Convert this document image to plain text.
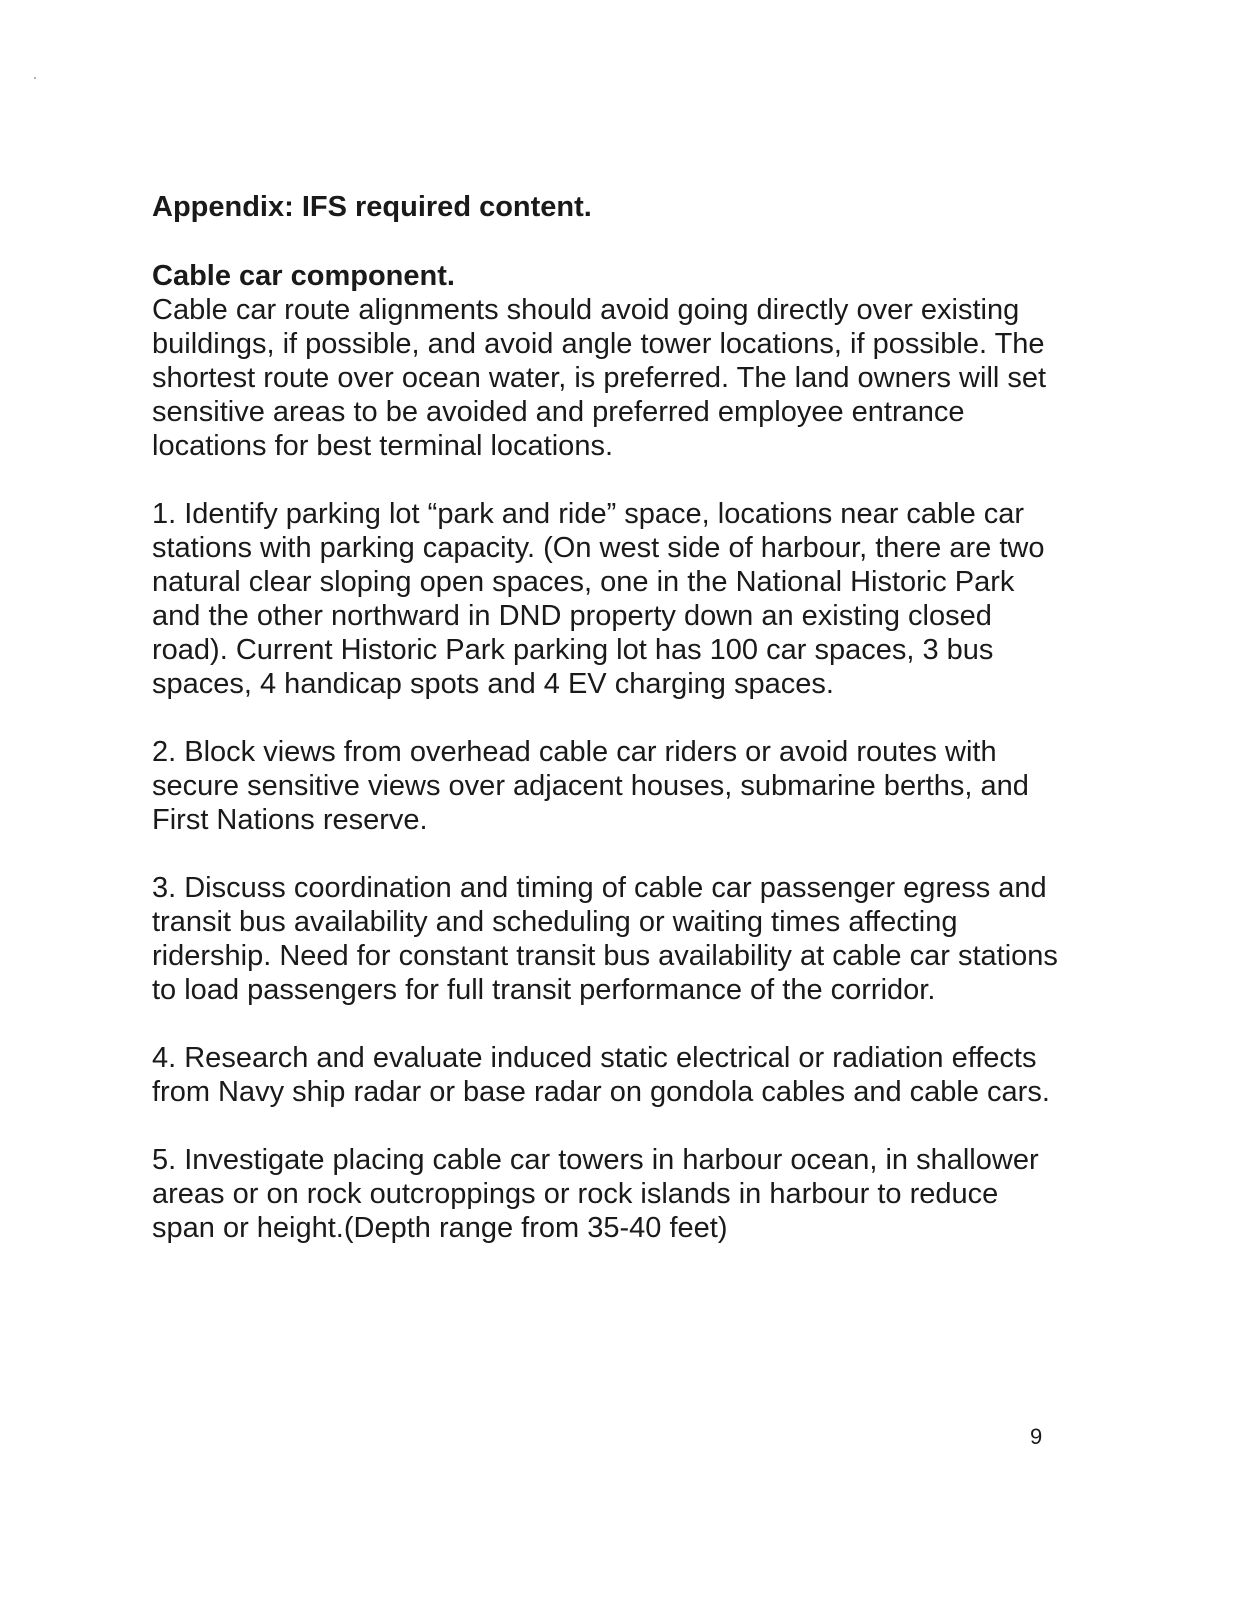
Appendix: IFS required content.

Cable car component.

Cable car route alignments should avoid going directly over existing buildings, if possible, and avoid angle tower locations, if possible. The shortest route over ocean water, is preferred. The land owners will set sensitive areas to be avoided and preferred employee entrance locations for best terminal locations.

1. Identify parking lot “park and ride” space, locations near cable car stations with parking capacity. (On west side of harbour, there are two natural clear sloping open spaces, one in the National Historic Park and the other northward in DND property down an existing closed road). Current Historic Park parking lot has 100 car spaces, 3 bus spaces, 4 handicap spots and 4 EV charging spaces.

2. Block views from overhead cable car riders or avoid routes with secure sensitive views over adjacent houses, submarine berths, and First Nations reserve.

3. Discuss coordination and timing of cable car passenger egress and transit bus availability and scheduling or waiting times affecting ridership. Need for constant transit bus availability at cable car stations to load passengers for full transit performance of the corridor.

4. Research and evaluate induced static electrical or radiation effects from Navy ship radar or base radar on gondola cables and cable cars.

5. Investigate placing cable car towers in harbour ocean, in shallower areas or on rock outcroppings or rock islands in harbour to reduce span or height.(Depth range from 35-40 feet)

9
